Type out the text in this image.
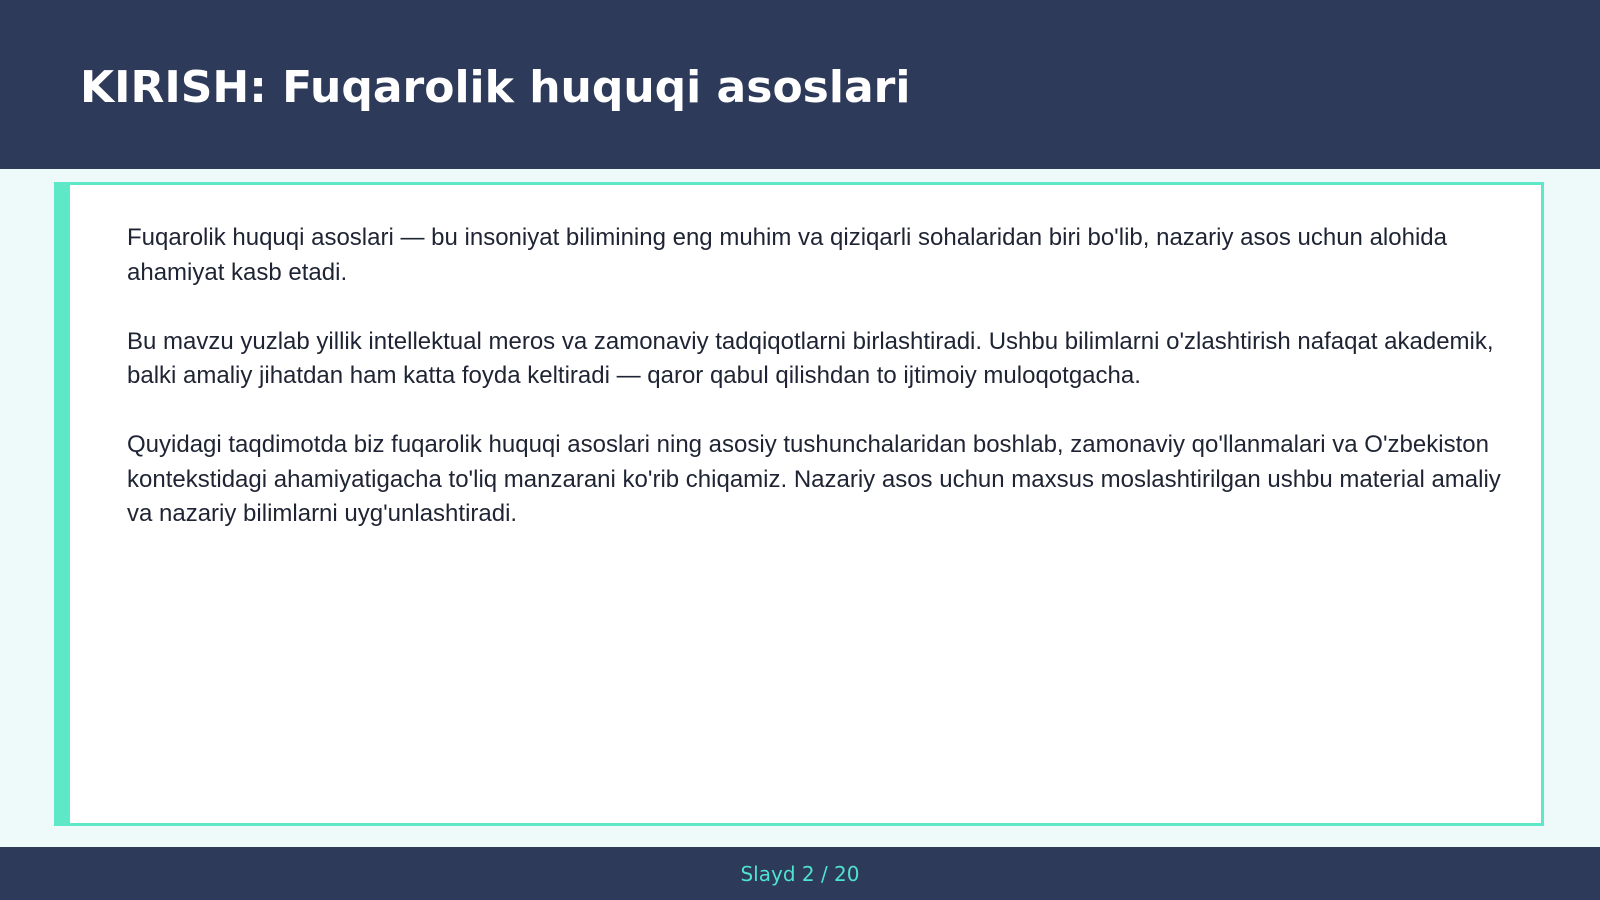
KIRISH: Fuqarolik huquqi asoslari

Fuqarolik huquqi asoslari — bu insoniyat bilimining eng muhim va qiziqarli sohalaridan biri bo'lib, nazariy asos uchun alohida ahamiyat kasb etadi.

Bu mavzu yuzlab yillik intellektual meros va zamonaviy tadqiqotlarni birlashtiradi. Ushbu bilimlarni o'zlashtirish nafaqat akademik, balki amaliy jihatdan ham katta foyda keltiradi — qaror qabul qilishdan to ijtimoiy muloqotgacha.

Quyidagi taqdimotda biz fuqarolik huquqi asoslari ning asosiy tushunchalaridan boshlab, zamonaviy qo'llanmalari va O'zbekiston kontekstidagi ahamiyatigacha to'liq manzarani ko'rib chiqamiz. Nazariy asos uchun maxsus moslashtirilgan ushbu material amaliy va nazariy bilimlarni uyg'unlashtiradi.

Slayd 2 / 20
